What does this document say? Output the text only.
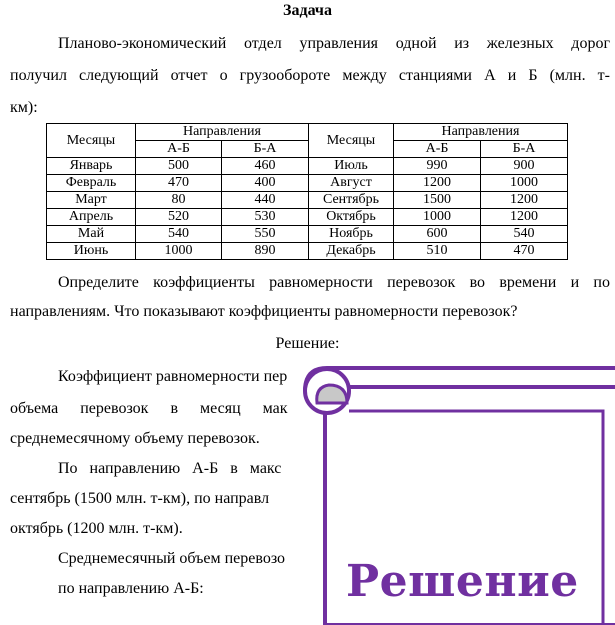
Задача
Планово-экономический отдел управления одной из железных дорог
получил следующий отчет о грузообороте между станциями А и Б (млн. т-
км):
Месяцы	Направления		Месяцы	Направления	
	А-Б	Б-А		А-Б	Б-А
Январь	500	460	Июль	990	900
Февраль	470	400	Август	1200	1000
Март	80	440	Сентябрь	1500	1200
Апрель	520	530	Октябрь	1000	1200
Май	540	550	Ноябрь	600	540
Июнь	1000	890	Декабрь	510	470
Определите коэффициенты равномерности перевозок во времени и по
направлениям. Что показывают коэффициенты равномерности перевозок?
Решение:
Коэффициент равномерности пер
объема перевозок в месяц мак
среднемесячному объему перевозок.
По направлению А-Б в макс
сентябрь (1500 млн. т-км), по направл
октябрь (1200 млн. т-км).
Среднемесячный объем перевозо
по направлению А-Б:	Решение
